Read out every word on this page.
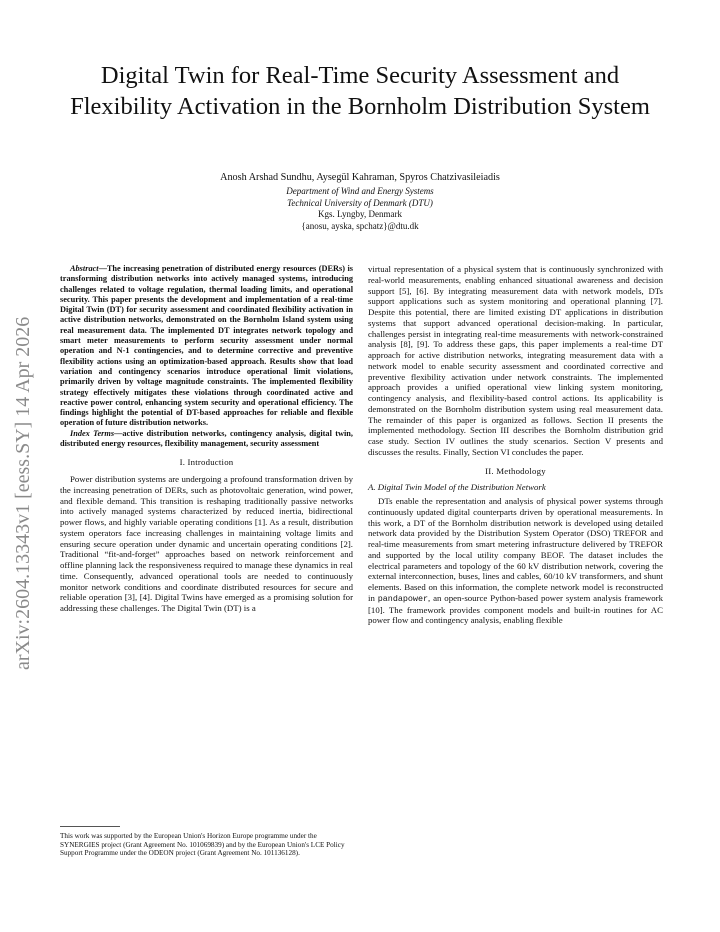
Digital Twin for Real-Time Security Assessment and Flexibility Activation in the Bornholm Distribution System
Anosh Arshad Sundhu, Aysegül Kahraman, Spyros Chatzivasileiadis
Department of Wind and Energy Systems
Technical University of Denmark (DTU)
Kgs. Lyngby, Denmark
{anosu, ayska, spchatz}@dtu.dk
arXiv:2604.13343v1 [eess.SY] 14 Apr 2026

Abstract—The increasing penetration of distributed energy resources (DERs) is transforming distribution networks into actively managed systems, introducing challenges related to voltage regulation, thermal loading limits, and operational security. This paper presents the development and implementation of a real-time Digital Twin (DT) for security assessment and coordinated flexibility activation in active distribution networks, demonstrated on the Bornholm Island system using real measurement data. The implemented DT integrates network topology and smart meter measurements to perform security assessment under normal operation and N-1 contingencies, and to determine corrective and preventive flexibility actions using an optimization-based approach. Results show that load variation and contingency scenarios introduce operational limit violations, primarily driven by voltage magnitude constraints. The implemented flexibility strategy effectively mitigates these violations through coordinated active and reactive power control, enhancing system security and operational efficiency. The findings highlight the potential of DT-based approaches for reliable and flexible operation of future distribution networks.

Index Terms—active distribution networks, contingency analysis, digital twin, distributed energy resources, flexibility management, security assessment

I. Introduction

Power distribution systems are undergoing a profound transformation driven by the increasing penetration of DERs, such as photovoltaic generation, wind power, and flexible demand. This transition is reshaping traditionally passive networks into actively managed systems characterized by reduced inertia, bidirectional power flows, and highly variable operating conditions [1]. As a result, distribution system operators face increasing challenges in maintaining voltage limits and ensuring secure operation under dynamic and uncertain operating conditions [2]. Traditional “fit-and-forget” approaches based on network reinforcement and offline planning lack the responsiveness required to manage these dynamics in real time. Consequently, advanced operational tools are needed to continuously monitor network conditions and coordinate distributed resources for secure and reliable operation [3], [4]. Digital Twins have emerged as a promising solution for addressing these challenges. The Digital Twin (DT) is a

This work was supported by the European Union's Horizon Europe programme under the SYNERGIES project (Grant Agreement No. 101069839) and by the European Union's LCE Policy Support Programme under the ODEON project (Grant Agreement No. 101136128).

virtual representation of a physical system that is continuously synchronized with real-world measurements, enabling enhanced situational awareness and decision support [5], [6]. By integrating measurement data with network models, DTs support applications such as system monitoring and operational planning [7]. Despite this potential, there are limited existing DT applications in distribution systems that support advanced operational decision-making. In particular, challenges persist in integrating real-time measurements with network-constrained analysis [8], [9]. To address these gaps, this paper implements a real-time DT approach for active distribution networks, integrating measurement data with a network model to enable security assessment and coordinated corrective and preventive flexibility activation under network constraints. The implemented approach provides a unified operational view linking system monitoring, contingency analysis, and flexibility-based control actions. Its applicability is demonstrated on the Bornholm distribution system using real measurement data. The remainder of this paper is organized as follows. Section II presents the implemented methodology. Section III describes the Bornholm distribution grid case study. Section IV outlines the study scenarios. Section V presents and discusses the results. Finally, Section VI concludes the paper.

II. Methodology
A. Digital Twin Model of the Distribution Network

DTs enable the representation and analysis of physical power systems through continuously updated digital counterparts driven by operational measurements. In this work, a DT of the Bornholm distribution network is developed using detailed network data provided by the Distribution System Operator (DSO) TREFOR and real-time measurements from smart metering infrastructure delivered by TREFOR and supported by the local utility company BEOF. The dataset includes the electrical parameters and topology of the 60 kV distribution network, covering the external interconnection, buses, lines and cables, 60/10 kV transformers, and shunt elements. Based on this information, the complete network model is reconstructed in pandapower, an open-source Python-based power system analysis framework [10]. The framework provides component models and built-in routines for AC power flow and contingency analysis, enabling flexible
